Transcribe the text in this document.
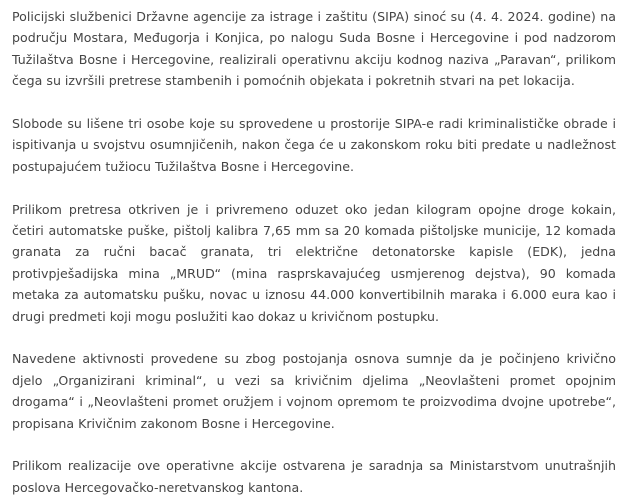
Policijski službenici Državne agencije za istrage i zaštitu (SIPA) sinoć su (4. 4. 2024. godine) na području Mostara, Međugorja i Konjica, po nalogu Suda Bosne i Hercegovine i pod nadzorom Tužilaštva Bosne i Hercegovine, realizirali operativnu akciju kodnog naziva „Paravan“, prilikom čega su izvršili pretrese stambenih i pomoćnih objekata i pokretnih stvari na pet lokacija.

Slobode su lišene tri osobe koje su sprovedene u prostorije SIPA-e radi kriminalističke obrade i ispitivanja u svojstvu osumnjičenih, nakon čega će u zakonskom roku biti predate u nadležnost postupajućem tužiocu Tužilaštva Bosne i Hercegovine.

Prilikom pretresa otkriven je i privremeno oduzet oko jedan kilogram opojne droge kokain, četiri automatske puške, pištolj kalibra 7,65 mm sa 20 komada pištoljske municije, 12 komada granata za ručni bacač granata, tri električne detonatorske kapisle (EDK), jedna protivpješadijska mina „MRUD“ (mina rasprskavajućeg usmjerenog dejstva), 90 komada metaka za automatsku pušku, novac u iznosu 44.000 konvertibilnih maraka i 6.000 eura kao i drugi predmeti koji mogu poslužiti kao dokaz u krivičnom postupku.

Navedene aktivnosti provedene su zbog postojanja osnova sumnje da je počinjeno krivično djelo „Organizirani kriminal“, u vezi sa krivičnim djelima „Neovlašteni promet opojnim drogama“ i „Neovlašteni promet oružjem i vojnom opremom te proizvodima dvojne upotrebe“, propisana Krivičnim zakonom Bosne i Hercegovine.

Prilikom realizacije ove operativne akcije ostvarena je saradnja sa Ministarstvom unutrašnjih poslova Hercegovačko-neretvanskog kantona.
